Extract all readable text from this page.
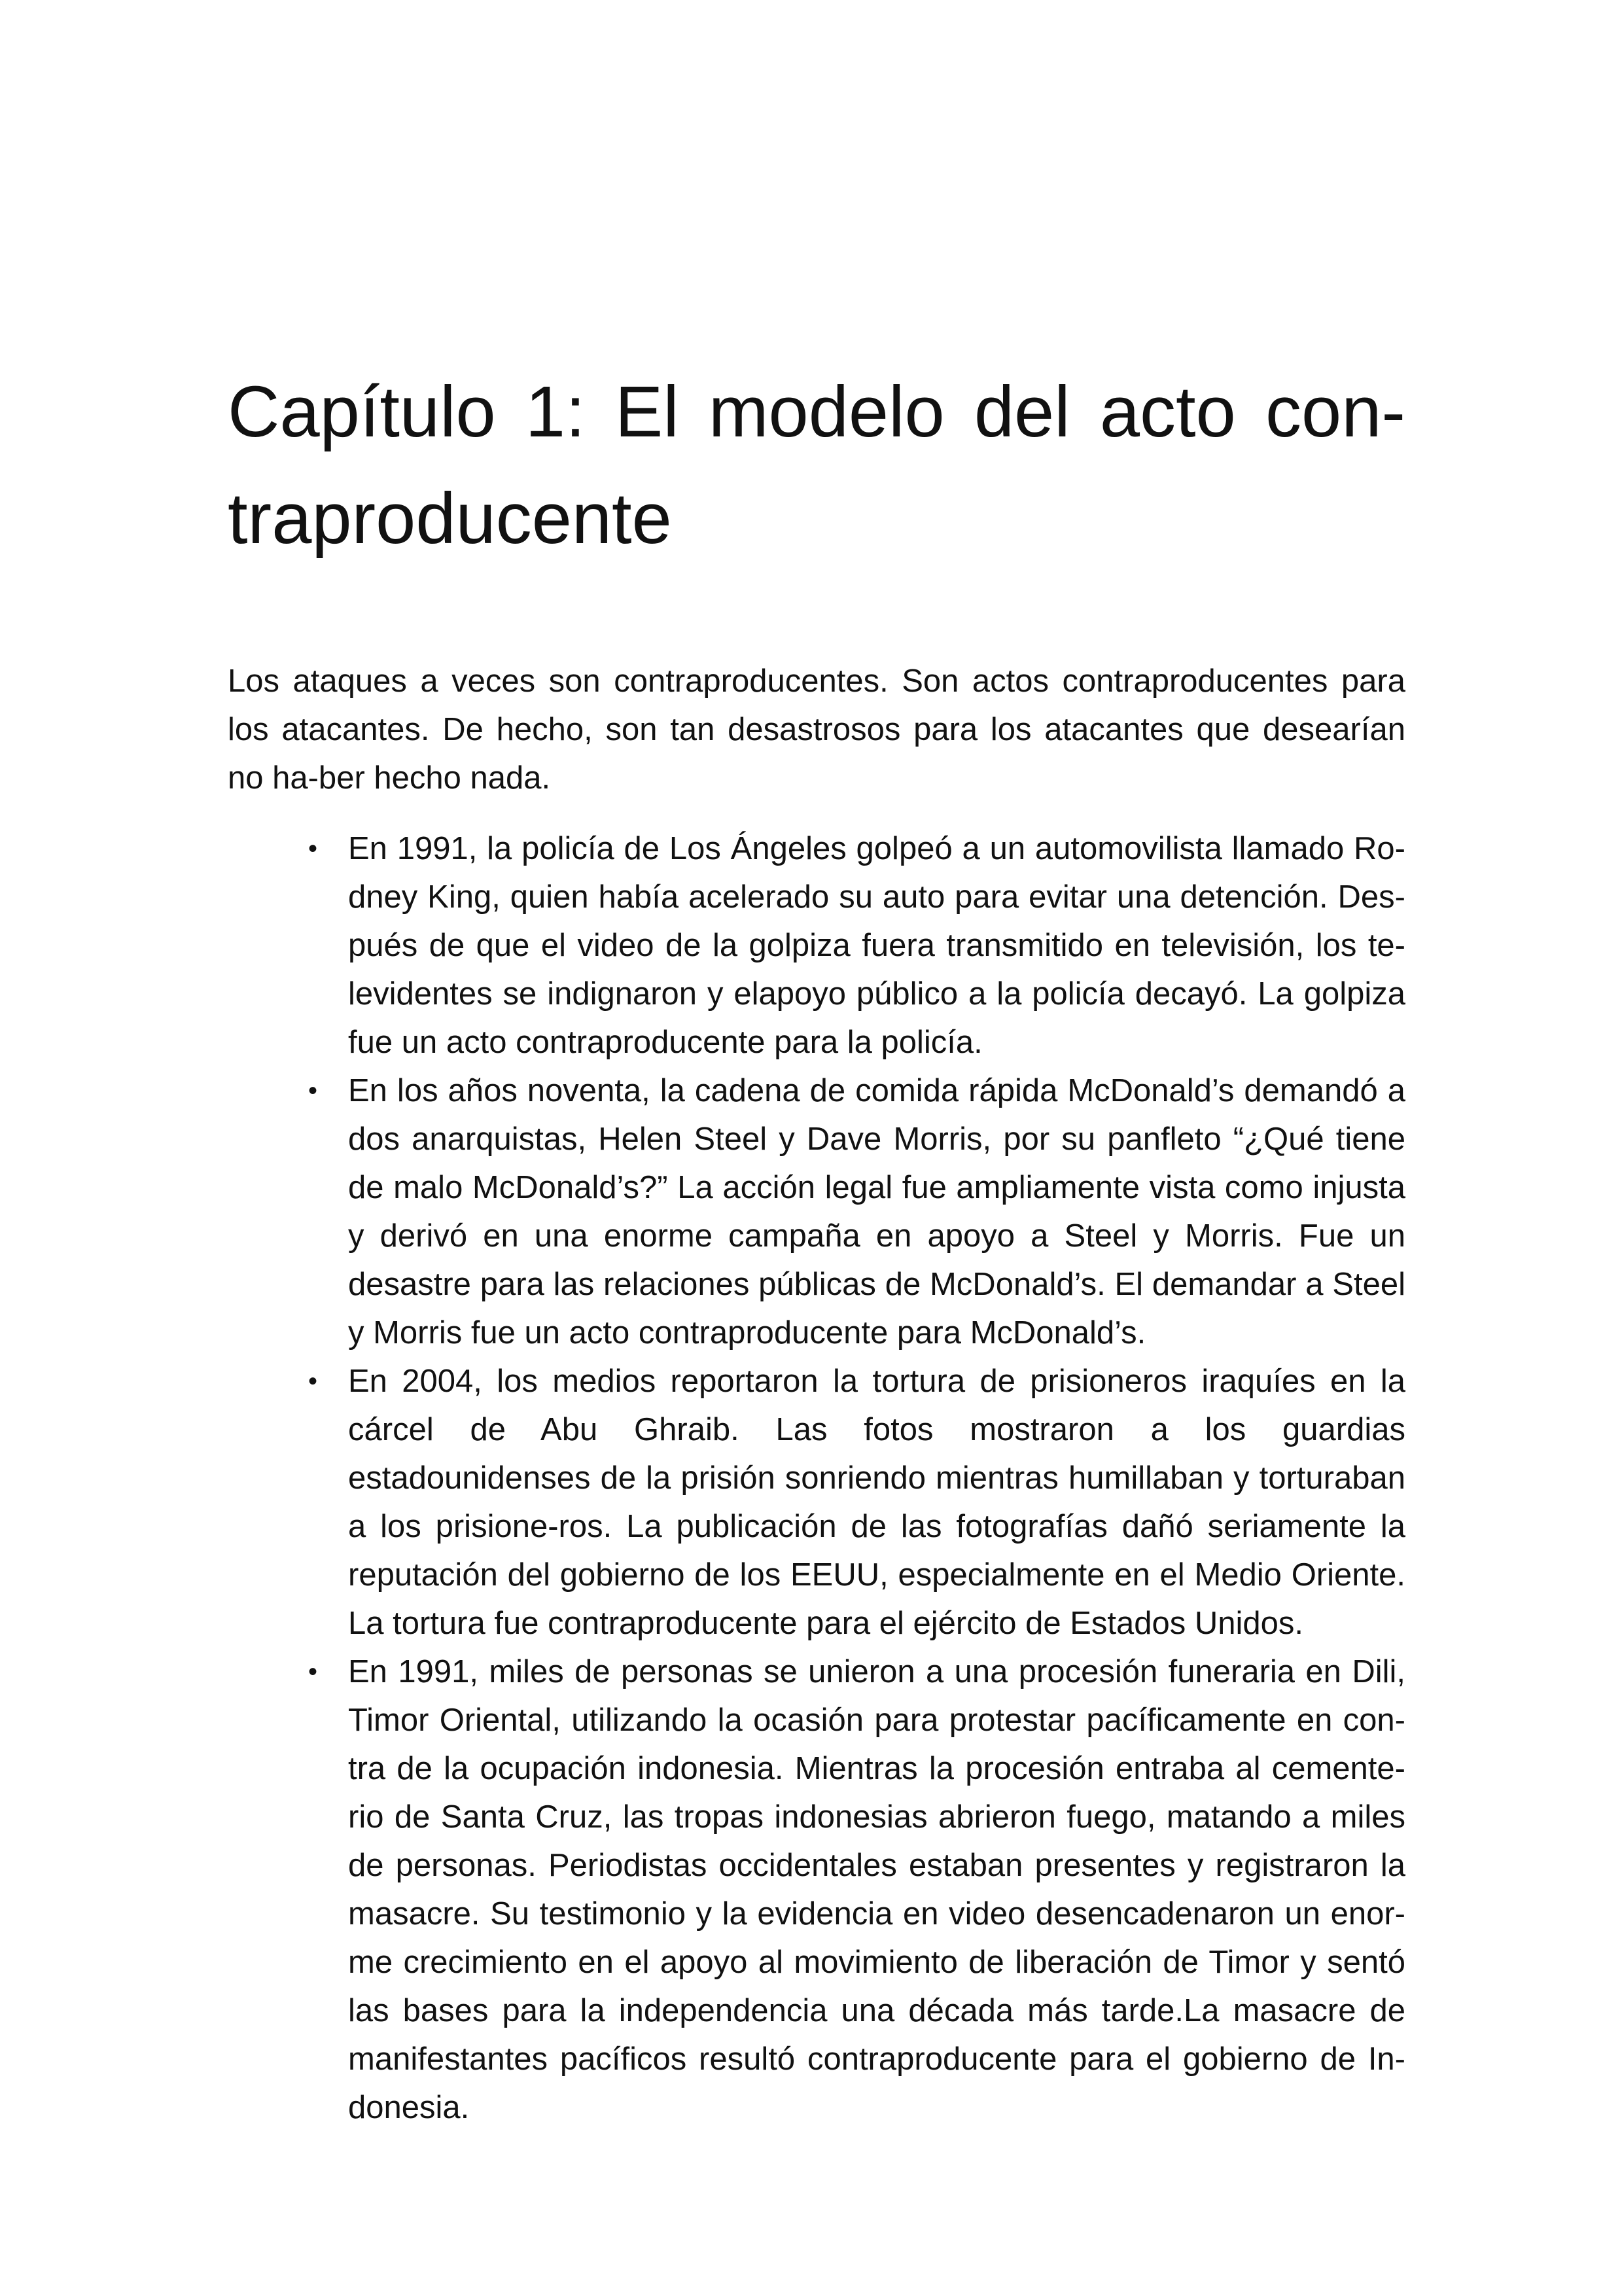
Capítulo 1: El modelo del acto con-traproducente

Los ataques a veces son contraproducentes. Son actos contraproducentes para los atacantes. De hecho, son tan desastrosos para los atacantes que desearían no ha-ber hecho nada.

• En 1991, la policía de Los Ángeles golpeó a un automovilista llamado Ro-dney King, quien había acelerado su auto para evitar una detención. Des-pués de que el video de la golpiza fuera transmitido en televisión, los te-levidentes se indignaron y elapoyo público a la policía decayó. La golpiza fue un acto contraproducente para la policía.
• En los años noventa, la cadena de comida rápida McDonald’s demandó a dos anarquistas, Helen Steel y Dave Morris, por su panfleto “¿Qué tiene de malo McDonald’s?” La acción legal fue ampliamente vista como injusta y derivó en una enorme campaña en apoyo a Steel y Morris. Fue un desastre para las relaciones públicas de McDonald’s. El demandar a Steel y Morris fue un acto contraproducente para McDonald’s.
• En 2004, los medios reportaron la tortura de prisioneros iraquíes en la cárcel de Abu Ghraib. Las fotos mostraron a los guardias estadounidenses de la prisión sonriendo mientras humillaban y torturaban a los prisione-ros. La publicación de las fotografías dañó seriamente la reputación del gobierno de los EEUU, especialmente en el Medio Oriente. La tortura fue contraproducente para el ejército de Estados Unidos.
• En 1991, miles de personas se unieron a una procesión funeraria en Dili, Timor Oriental, utilizando la ocasión para protestar pacíficamente en con-tra de la ocupación indonesia. Mientras la procesión entraba al cemente-rio de Santa Cruz, las tropas indonesias abrieron fuego, matando a miles de personas. Periodistas occidentales estaban presentes y registraron la masacre. Su testimonio y la evidencia en video desencadenaron un enor-me crecimiento en el apoyo al movimiento de liberación de Timor y sentó las bases para la independencia una década más tarde.La masacre de manifestantes pacíficos resultó contraproducente para el gobierno de In-donesia.
